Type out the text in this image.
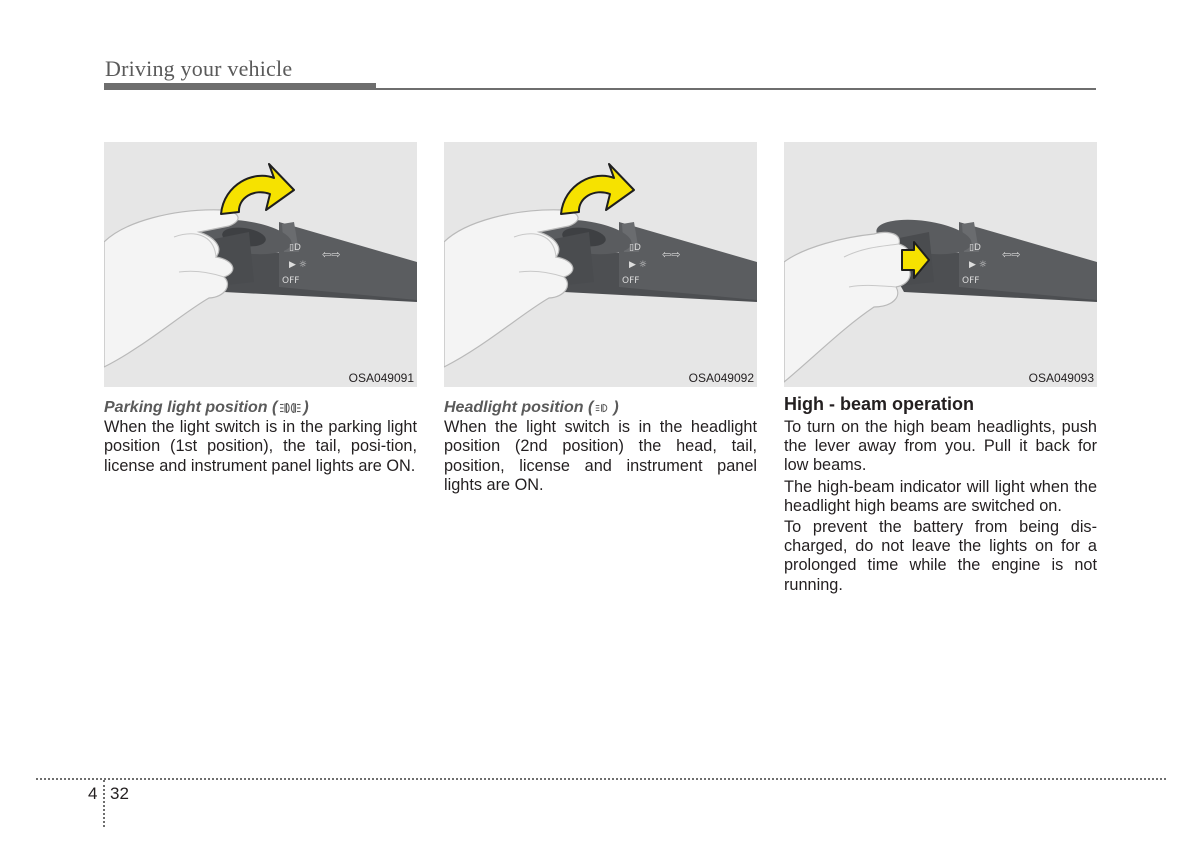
Driving your vehicle
▯D
▶ ☼
⇦⇨
OFF
OSA049091
▯D
▶ ☼
⇦⇨
OFF
OSA049092
▯D
▶ ☼
⇦⇨
OFF
OSA049093
Parking light position ( )

When the light switch is in the parking light position (1st position), the tail, posi-tion, license and instrument panel lights are ON.

Headlight position ( )

When the light switch is in the headlight position (2nd position) the head, tail, position, license and instrument panel lights are ON.

High - beam operation

To turn on the high beam headlights, push the lever away from you. Pull it back for low beams.

The high-beam indicator will light when the headlight high beams are switched on.

To prevent the battery from being dis-charged, do not leave the lights on for a prolonged time while the engine is not running.

4 32
